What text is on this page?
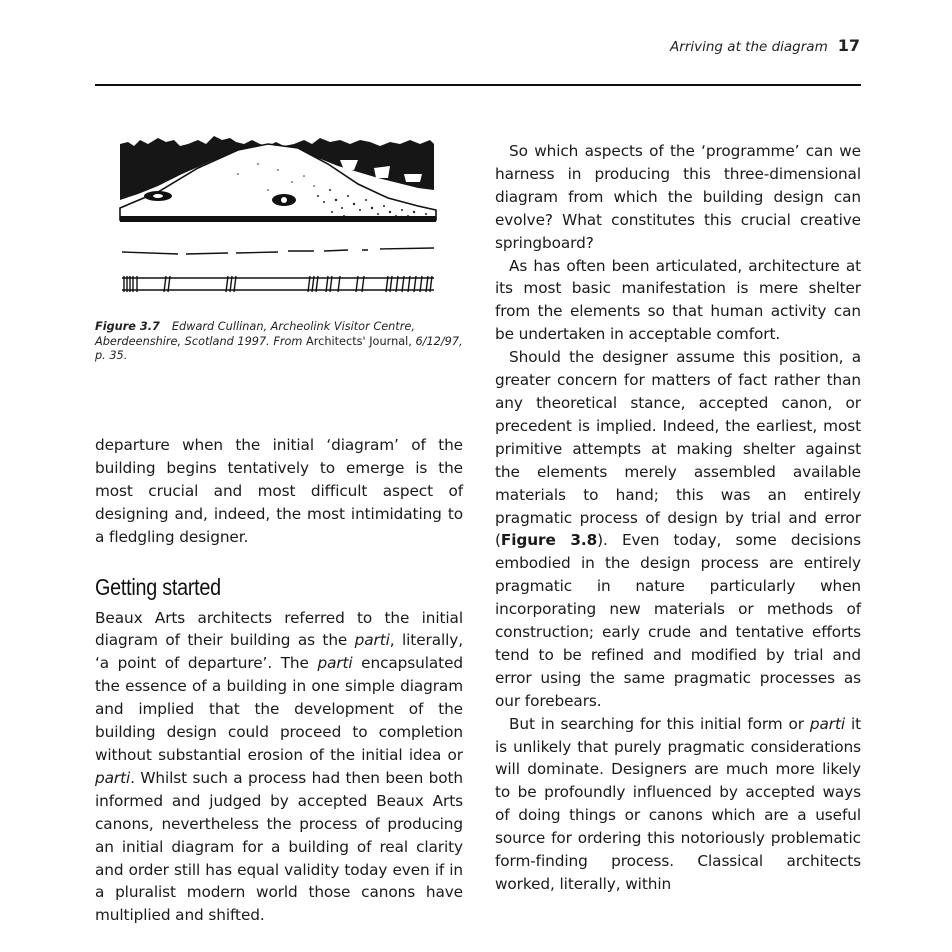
Arriving at the diagram 17
Figure 3.7 Edward Cullinan, Archeolink Visitor Centre, Aberdeenshire, Scotland 1997. From Architects' Journal, 6/12/97, p. 35.

departure when the initial ‘diagram’ of the building begins tentatively to emerge is the most crucial and most difficult aspect of designing and, indeed, the most intimidating to a fledgling designer.

Getting started

Beaux Arts architects referred to the initial diagram of their building as the parti, literally, ‘a point of departure’. The parti encapsulated the essence of a building in one simple diagram and implied that the development of the building design could proceed to completion without substantial erosion of the initial idea or parti. Whilst such a process had then been both informed and judged by accepted Beaux Arts canons, nevertheless the process of producing an initial diagram for a building of real clarity and order still has equal validity today even if in a pluralist modern world those canons have multiplied and shifted.

So which aspects of the ‘programme’ can we harness in producing this three-dimensional diagram from which the building design can evolve? What constitutes this crucial creative springboard?

As has often been articulated, architecture at its most basic manifestation is mere shelter from the elements so that human activity can be undertaken in acceptable comfort.

Should the designer assume this position, a greater concern for matters of fact rather than any theoretical stance, accepted canon, or precedent is implied. Indeed, the earliest, most primitive attempts at making shelter against the elements merely assembled available materials to hand; this was an entirely pragmatic process of design by trial and error (Figure 3.8). Even today, some decisions embodied in the design process are entirely pragmatic in nature particularly when incorporating new materials or methods of construction; early crude and tentative efforts tend to be refined and modified by trial and error using the same pragmatic processes as our forebears.

But in searching for this initial form or parti it is unlikely that purely pragmatic considerations will dominate. Designers are much more likely to be profoundly influenced by accepted ways of doing things or canons which are a useful source for ordering this notoriously problematic form-finding process. Classical architects worked, literally, within
